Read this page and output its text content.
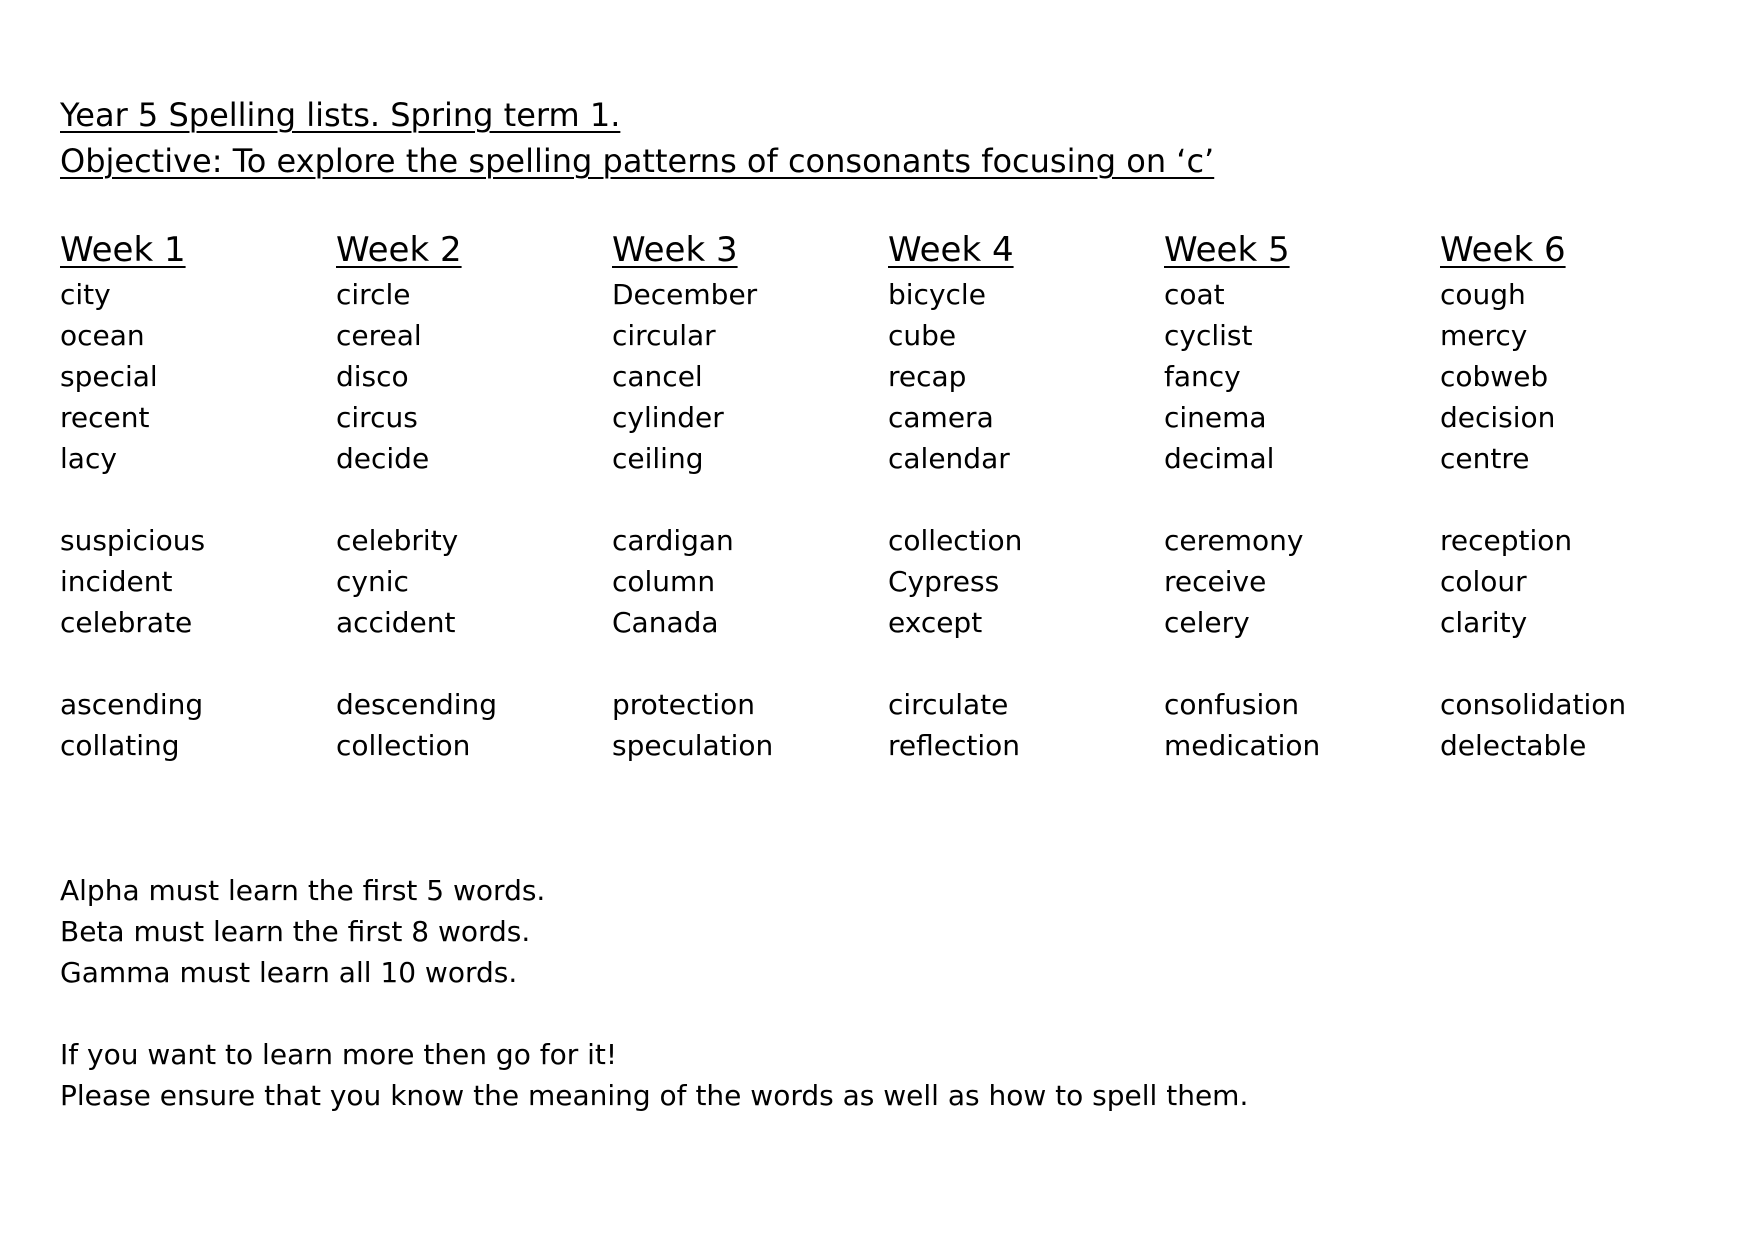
Year 5 Spelling lists. Spring term 1.

Objective: To explore the spelling patterns of consonants focusing on ‘c’

Week 1

city
ocean
special
recent
lacy
suspicious
incident
celebrate
ascending
collating

Week 2

circle
cereal
disco
circus
decide
celebrity
cynic
accident
descending
collection

Week 3

December
circular
cancel
cylinder
ceiling
cardigan
column
Canada
protection
speculation

Week 4

bicycle
cube
recap
camera
calendar
collection
Cypress
except
circulate
reflection

Week 5

coat
cyclist
fancy
cinema
decimal
ceremony
receive
celery
confusion
medication

Week 6

cough
mercy
cobweb
decision
centre
reception
colour
clarity
consolidation
delectable

Alpha must learn the first 5 words.

Beta must learn the first 8 words.

Gamma must learn all 10 words.

If you want to learn more then go for it!

Please ensure that you know the meaning of the words as well as how to spell them.
